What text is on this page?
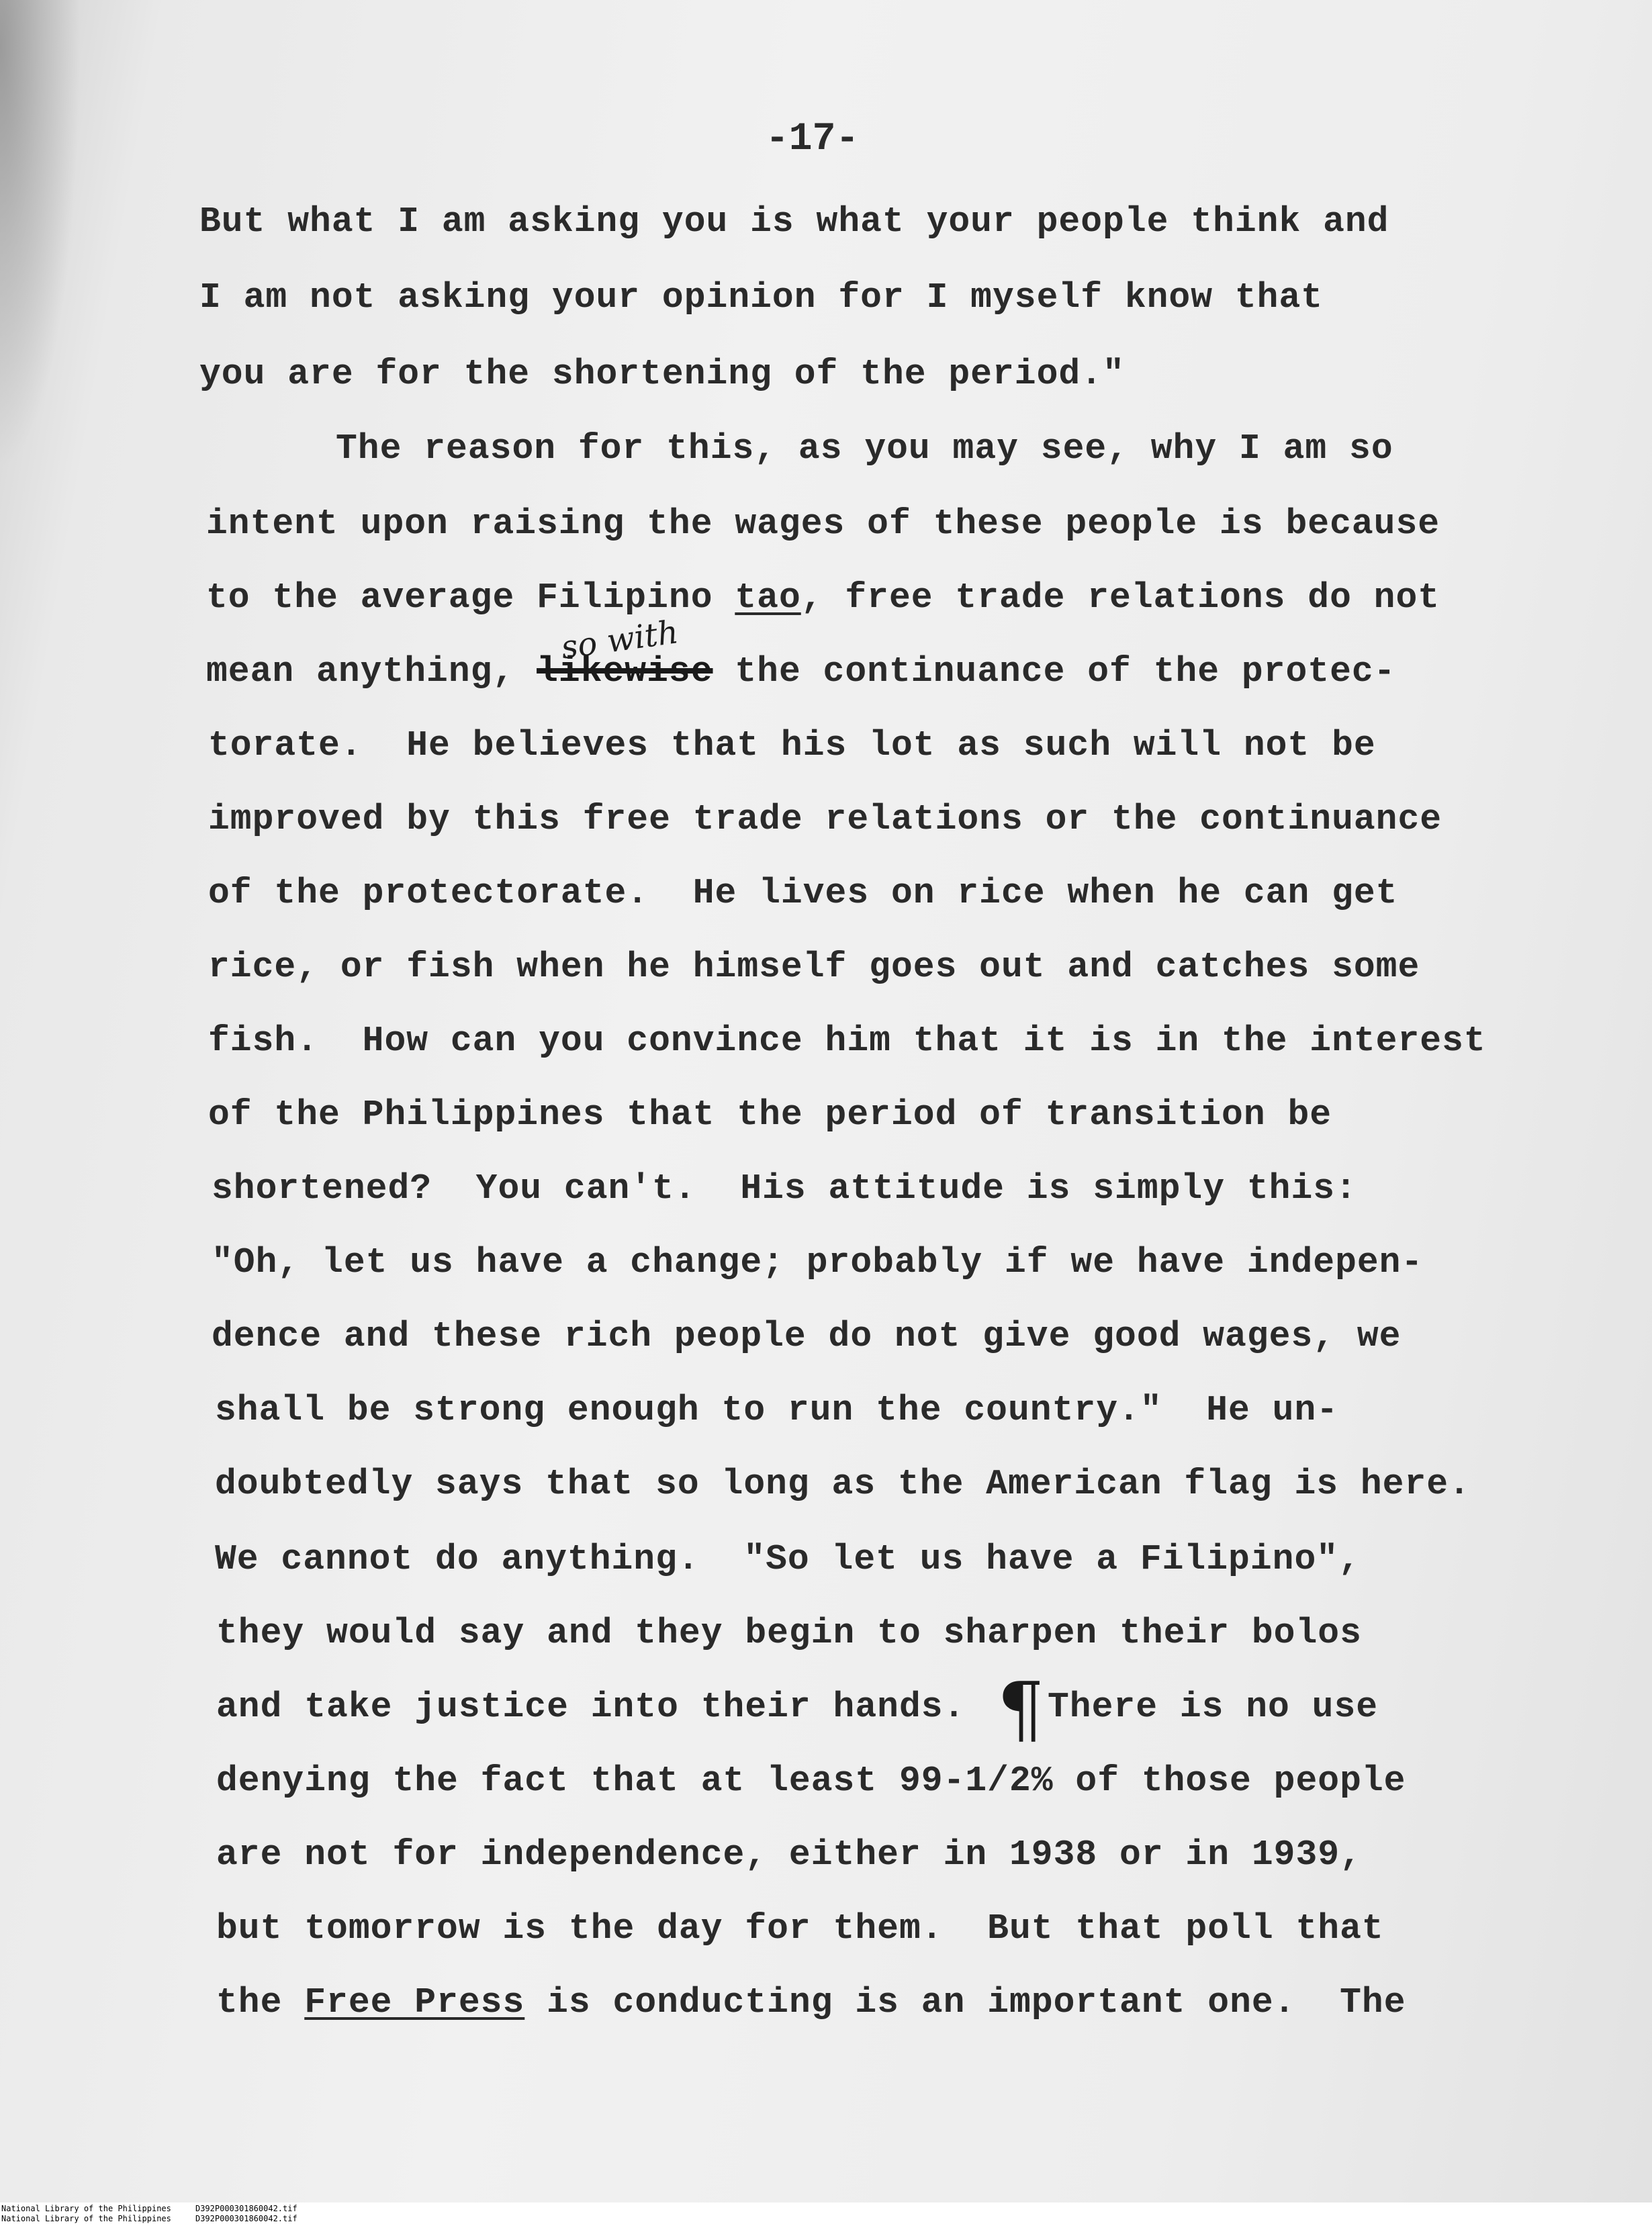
-17-
But what I am asking you is what your people think and
I am not asking your opinion for I myself know that
you are for the shortening of the period."
The reason for this, as you may see, why I am so
intent upon raising the wages of these people is because
to the average Filipino tao, free trade relations do not
so with
mean anything, likewise the continuance of the protec-
torate.  He believes that his lot as such will not be
improved by this free trade relations or the continuance
of the protectorate.  He lives on rice when he can get
rice, or fish when he himself goes out and catches some
fish.  How can you convince him that it is in the interest
of the Philippines that the period of transition be
shortened?  You can't.  His attitude is simply this:
"Oh, let us have a change; probably if we have indepen-
dence and these rich people do not give good wages, we
shall be strong enough to run the country."  He un-
doubtedly says that so long as the American flag is here.
We cannot do anything.  "So let us have a Filipino",
they would say and they begin to sharpen their bolos
and take justice into their hands. ¶ There is no use
denying the fact that at least 99-1/2% of those people
are not for independence, either in 1938 or in 1939,
but tomorrow is the day for them.  But that poll that
the Free Press is conducting is an important one.  The
National Library of the Philippines     D392P000301860042.tif
National Library of the Philippines     D392P000301860042.tif
